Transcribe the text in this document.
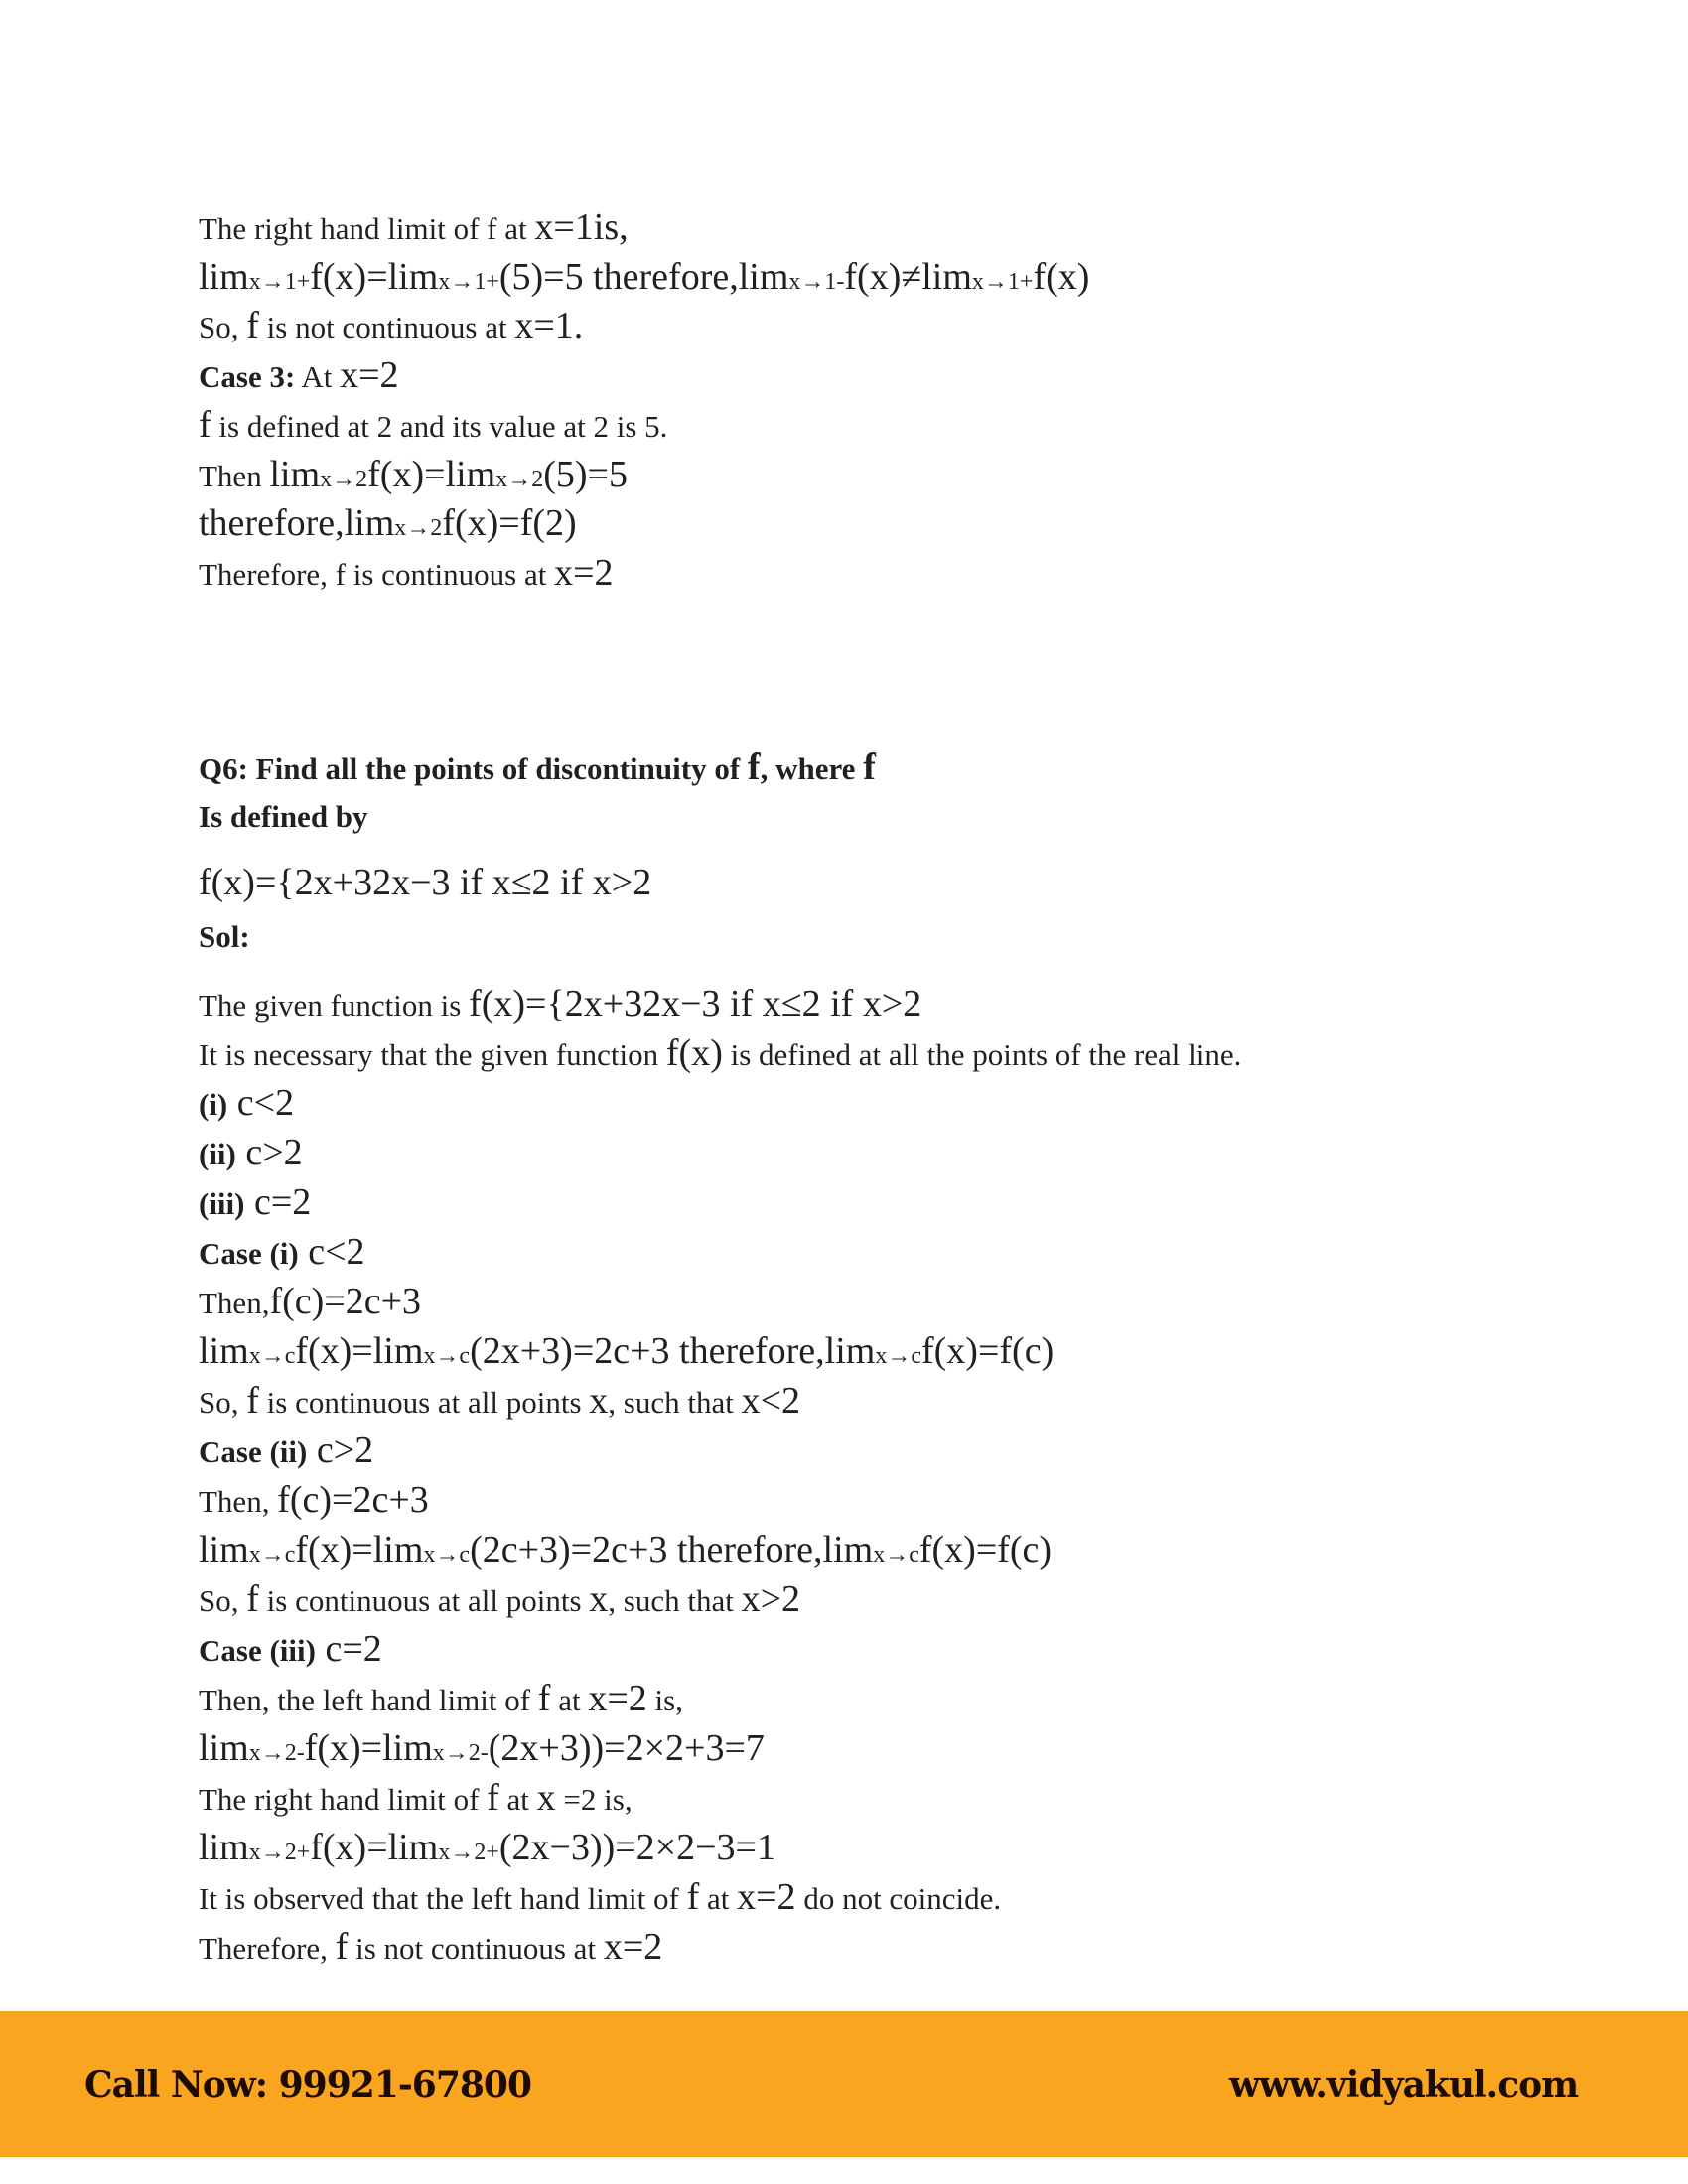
The right hand limit of f at x=1is,
limx→1+f(x)=limx→1+(5)=5 therefore,limx→1-f(x)≠limx→1+f(x)
So, f is not continuous at x=1.
Case 3: At x=2
f is defined at 2 and its value at 2 is 5.
Then limx→2f(x)=limx→2(5)=5
therefore,limx→2f(x)=f(2)
Therefore, f is continuous at x=2
Q6: Find all the points of discontinuity of f, where f
Is defined by
f(x)={2x+32x−3 if x≤2 if x>2
Sol:
The given function is f(x)={2x+32x−3 if x≤2 if x>2
It is necessary that the given function f(x) is defined at all the points of the real line.
(i) c<2
(ii) c>2
(iii) c=2
Case (i) c<2
Then,f(c)=2c+3
limx→cf(x)=limx→c(2x+3)=2c+3 therefore,limx→cf(x)=f(c)
So, f is continuous at all points x, such that x<2
Case (ii) c>2
Then, f(c)=2c+3
limx→cf(x)=limx→c(2c+3)=2c+3 therefore,limx→cf(x)=f(c)
So, f is continuous at all points x, such that x>2
Case (iii) c=2
Then, the left hand limit of f at x=2 is,
limx→2-f(x)=limx→2-(2x+3))=2×2+3=7
The right hand limit of f at x =2 is,
limx→2+f(x)=limx→2+(2x−3))=2×2−3=1
It is observed that the left hand limit of f at x=2 do not coincide.
Therefore, f is not continuous at x=2
Call Now: 99921-67800	www.vidyakul.com
